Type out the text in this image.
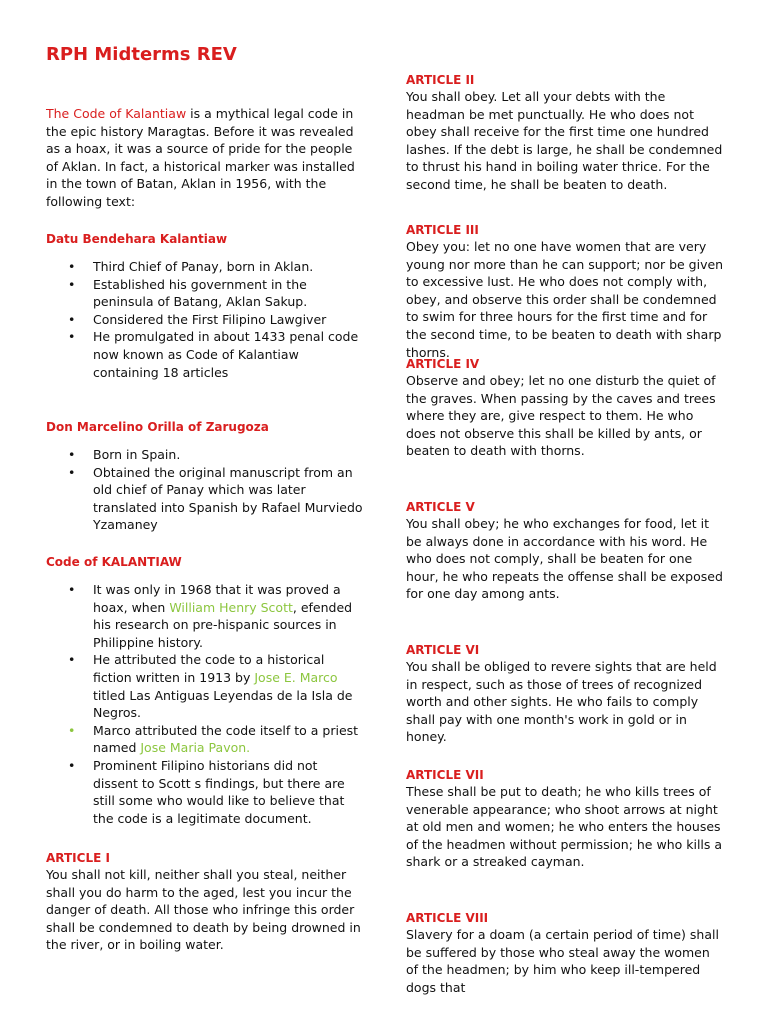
RPH Midterms REV

The Code of Kalantiaw is a mythical legal code in the epic history Maragtas. Before it was revealed as a hoax, it was a source of pride for the people of Aklan. In fact, a historical marker was installed in the town of Batan, Aklan in 1956, with the following text:

Datu Bendehara Kalantiaw
• Third Chief of Panay, born in Aklan.
• Established his government in the peninsula of Batang, Aklan Sakup.
• Considered the First Filipino Lawgiver
• He promulgated in about 1433 penal code now known as Code of Kalantiaw containing 18 articles
Don Marcelino Orilla of Zarugoza
• Born in Spain.
• Obtained the original manuscript from an old chief of Panay which was later translated into Spanish by Rafael Murviedo Yzamaney
Code of KALANTIAW
• It was only in 1968 that it was proved a hoax, when William Henry Scott, efended his research on pre-hispanic sources in Philippine history.
• He attributed the code to a historical fiction written in 1913 by Jose E. Marco titled Las Antiguas Leyendas de la Isla de Negros.
• Marco attributed the code itself to a priest named Jose Maria Pavon.
• Prominent Filipino historians did not dissent to Scott s findings, but there are still some who would like to believe that the code is a legitimate document.
ARTICLE I

You shall not kill, neither shall you steal, neither shall you do harm to the aged, lest you incur the danger of death. All those who infringe this order shall be condemned to death by being drowned in the river, or in boiling water.

ARTICLE II

You shall obey. Let all your debts with the headman be met punctually. He who does not obey shall receive for the first time one hundred lashes. If the debt is large, he shall be condemned to thrust his hand in boiling water thrice. For the second time, he shall be beaten to death.

ARTICLE III

Obey you: let no one have women that are very young nor more than he can support; nor be given to excessive lust. He who does not comply with, obey, and observe this order shall be condemned to swim for three hours for the first time and for the second time, to be beaten to death with sharp thorns.

ARTICLE IV

Observe and obey; let no one disturb the quiet of the graves. When passing by the caves and trees where they are, give respect to them. He who does not observe this shall be killed by ants, or beaten to death with thorns.

ARTICLE V

You shall obey; he who exchanges for food, let it be always done in accordance with his word. He who does not comply, shall be beaten for one hour, he who repeats the offense shall be exposed for one day among ants.

ARTICLE VI

You shall be obliged to revere sights that are held in respect, such as those of trees of recognized worth and other sights. He who fails to comply shall pay with one month's work in gold or in honey.

ARTICLE VII

These shall be put to death; he who kills trees of venerable appearance; who shoot arrows at night at old men and women; he who enters the houses of the headmen without permission; he who kills a shark or a streaked cayman.

ARTICLE VIII

Slavery for a doam (a certain period of time) shall be suffered by those who steal away the women of the headmen; by him who keep ill-tempered dogs that
